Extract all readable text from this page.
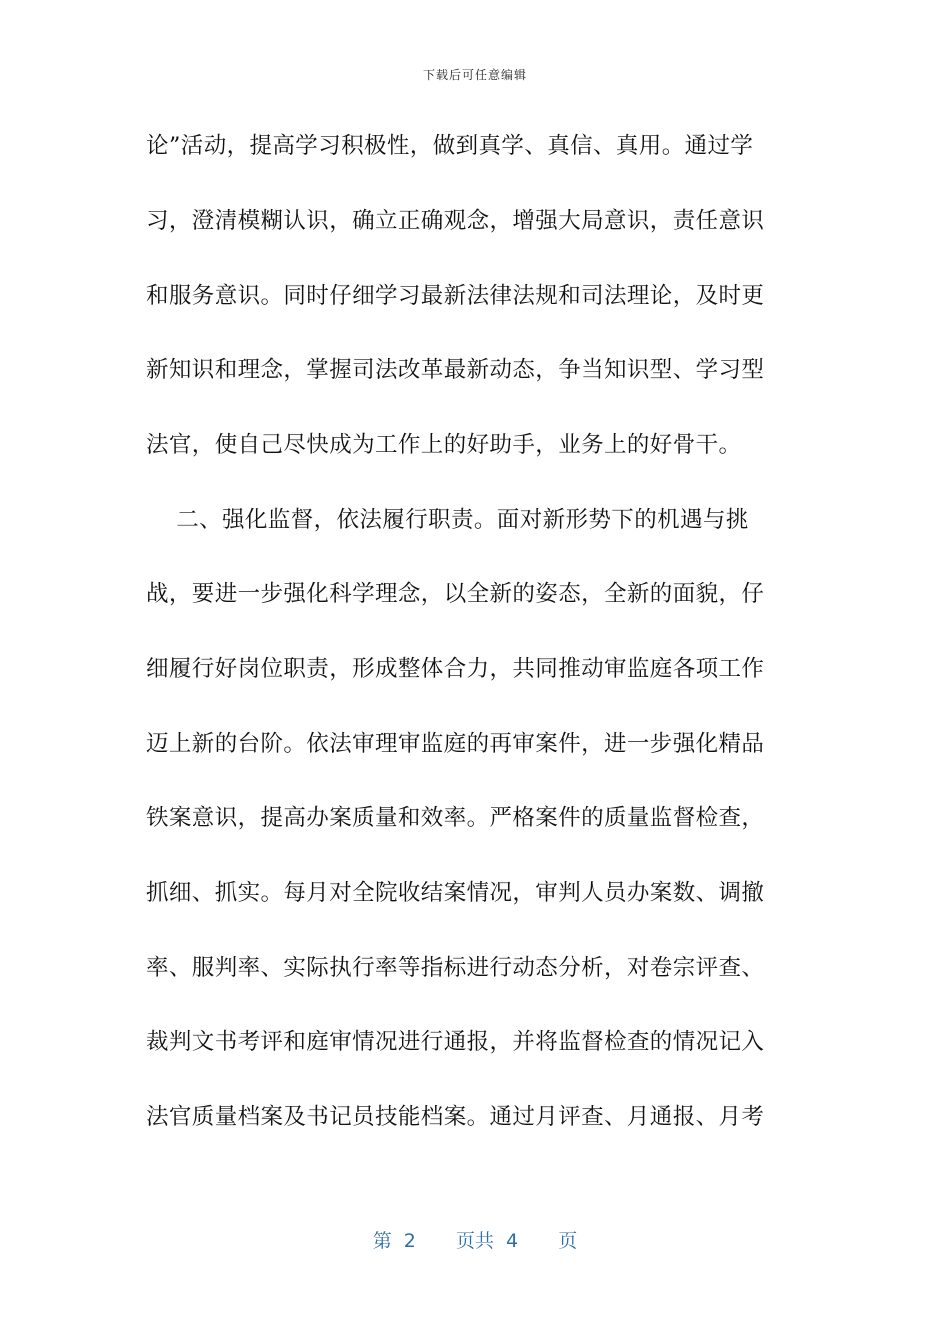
下载后可任意编辑
论”活动，提高学习积极性，做到真学、真信、真用。通过学
习，澄清模糊认识，确立正确观念，增强大局意识，责任意识
和服务意识。同时仔细学习最新法律法规和司法理论，及时更
新知识和理念，掌握司法改革最新动态，争当知识型、学习型
法官，使自己尽快成为工作上的好助手，业务上的好骨干。
二、强化监督，依法履行职责。面对新形势下的机遇与挑
战，要进一步强化科学理念，以全新的姿态，全新的面貌，仔
细履行好岗位职责，形成整体合力，共同推动审监庭各项工作
迈上新的台阶。依法审理审监庭的再审案件，进一步强化精品
铁案意识，提高办案质量和效率。严格案件的质量监督检查，
抓细、抓实。每月对全院收结案情况，审判人员办案数、调撤
率、服判率、实际执行率等指标进行动态分析，对卷宗评查、
裁判文书考评和庭审情况进行通报，并将监督检查的情况记入
法官质量档案及书记员技能档案。通过月评查、月通报、月考
第 2 页共 4 页
